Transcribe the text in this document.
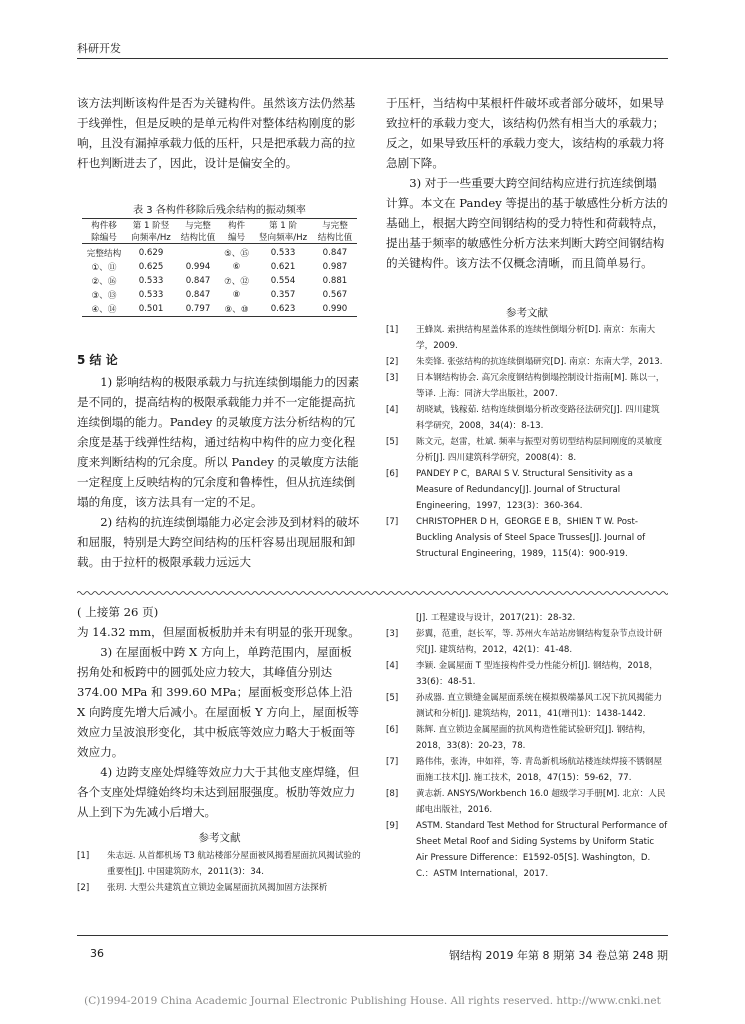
科研开发

该方法判断该构件是否为关键构件。虽然该方法仍然基于线弹性，但是反映的是单元构件对整体结构刚度的影响，且没有漏掉承载力低的压杆，只是把承载力高的拉杆也判断进去了，因此，设计是偏安全的。

表 3 各构件移除后残余结构的振动频率
构件移	第 1 阶竖	与完整	构件	第 1 阶	与完整
除编号	向频率/Hz	结构比值	编号	竖向频率/Hz	结构比值
完整结构	0.629		⑤、⑮	0.533	0.847
①、⑪	0.625	0.994	⑥	0.621	0.987
②、⑯	0.533	0.847	⑦、⑫	0.554	0.881
③、⑬	0.533	0.847	⑧	0.357	0.567
④、⑭	0.501	0.797	⑨、⑩	0.623	0.990

5 结 论

1) 影响结构的极限承载力与抗连续倒塌能力的因素是不同的，提高结构的极限承载能力并不一定能提高抗连续倒塌的能力。Pandey 的灵敏度方法分析结构的冗余度是基于线弹性结构，通过结构中构件的应力变化程度来判断结构的冗余度。所以 Pandey 的灵敏度方法能一定程度上反映结构的冗余度和鲁棒性，但从抗连续倒塌的角度，该方法具有一定的不足。

2) 结构的抗连续倒塌能力必定会涉及到材料的破坏和屈服，特别是大跨空间结构的压杆容易出现屈服和卸载。由于拉杆的极限承载力远远大

于压杆，当结构中某根杆件破坏或者部分破坏，如果导致拉杆的承载力变大，该结构仍然有相当大的承载力；反之，如果导致压杆的承载力变大，该结构的承载力将急剧下降。

3) 对于一些重要大跨空间结构应进行抗连续倒塌计算。本文在 Pandey 等提出的基于敏感性分析方法的基础上，根据大跨空间钢结构的受力特性和荷载特点，提出基于频率的敏感性分析方法来判断大跨空间钢结构的关键构件。该方法不仅概念清晰，而且简单易行。

参考文献

[1] 王蜂岚. 索拱结构屋盖体系的连续性倒塌分析[D]. 南京：东南大学，2009.

[2] 朱奕锋. 张弦结构的抗连续倒塌研究[D]. 南京：东南大学，2013.

[3] 日本钢结构协会. 高冗余度钢结构倒塌控制设计指南[M]. 陈以一，等译. 上海：同济大学出版社，2007.

[4] 胡晓斌，钱稼茹. 结构连续倒塌分析改变路径法研究[J]. 四川建筑科学研究，2008，34(4)：8-13.

[5] 陈文元，赵雷，杜斌. 频率与振型对剪切型结构层间刚度的灵敏度分析[J]. 四川建筑科学研究，2008(4)：8.

[6] PANDEY P C，BARAI S V. Structural Sensitivity as a Measure of Redundancy[J]. Journal of Structural Engineering，1997，123(3)：360-364.

[7] CHRISTOPHER D H，GEORGE E B，SHIEN T W. Post-Buckling Analysis of Steel Space Trusses[J]. Journal of Structural Engineering，1989，115(4)：900-919.

( 上接第 26 页)

为 14.32 mm，但屋面板板肋并未有明显的张开现象。

3) 在屋面板中跨 X 方向上，单跨范围内，屋面板拐角处和板跨中的圆弧处应力较大，其峰值分别达 374.00 MPa 和 399.60 MPa；屋面板变形总体上沿 X 向跨度先增大后减小。在屋面板 Y 方向上，屋面板等效应力呈波浪形变化，其中板底等效应力略大于板面等效应力。

4) 边跨支座处焊缝等效应力大于其他支座焊缝，但各个支座处焊缝始终均未达到屈服强度。板肋等效应力从上到下为先减小后增大。

参考文献

[1] 朱志远. 从首都机场 T3 航站楼部分屋面被风揭看屋面抗风揭试验的重要性[J]. 中国建筑防水，2011(3)：34.

[2] 张玥. 大型公共建筑直立锁边金属屋面抗风揭加固方法探析

[J]. 工程建设与设计，2017(21)：28-32.

[3] 彭翼，范重，赵长军，等. 苏州火车站站房钢结构复杂节点设计研究[J]. 建筑结构，2012，42(1)：41-48.

[4] 李颖. 金属屋面 T 型连接构件受力性能分析[J]. 钢结构，2018，33(6)：48-51.

[5] 孙成器. 直立锁缝金属屋面系统在模拟极端暴风工况下抗风揭能力测试和分析[J]. 建筑结构，2011，41(增刊1)：1438-1442.

[6] 陈辉. 直立锁边金属屋面的抗风构造性能试验研究[J]. 钢结构，2018，33(8)：20-23，78.

[7] 路伟伟，张涛，申如祥，等. 青岛新机场航站楼连续焊接不锈钢屋面施工技术[J]. 施工技术，2018，47(15)：59-62，77.

[8] 黄志新. ANSYS/Workbench 16.0 超级学习手册[M]. 北京：人民邮电出版社，2016.

[9] ASTM. Standard Test Method for Structural Performance of Sheet Metal Roof and Siding Systems by Uniform Static Air Pressure Difference：E1592-05[S]. Washington，D. C.：ASTM International，2017.

36	钢结构 2019 年第 8 期第 34 卷总第 248 期
(C)1994-2019 China Academic Journal Electronic Publishing House. All rights reserved. http://www.cnki.net
